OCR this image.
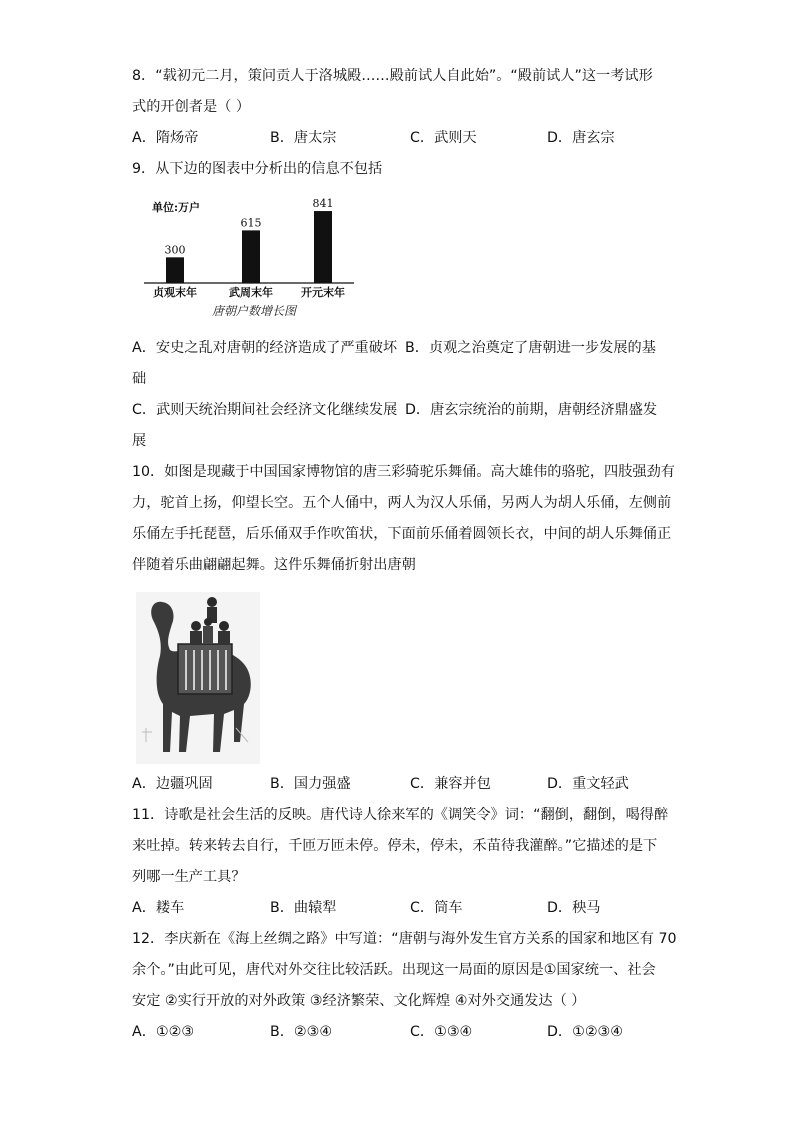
8．“载初元二月，策问贡人于洛城殿……殿前试人自此始”。“殿前试人”这一考试形
式的开创者是（ ）
A．隋炀帝	B．唐太宗	C．武则天	D．唐玄宗
9．从下边的图表中分析出的信息不包括
单位:万户
300
贞观末年
615
武周末年
841
开元末年
唐朝户数增长图
A．安史之乱对唐朝的经济造成了严重破坏 B．贞观之治奠定了唐朝进一步发展的基
础
C．武则天统治期间社会经济文化继续发展 D．唐玄宗统治的前期，唐朝经济鼎盛发
展
10．如图是现藏于中国国家博物馆的唐三彩骑驼乐舞俑。高大雄伟的骆驼，四肢强劲有
力，驼首上扬，仰望长空。五个人俑中，两人为汉人乐俑，另两人为胡人乐俑，左侧前
乐俑左手托琵琶，后乐俑双手作吹笛状，下面前乐俑着圆领长衣，中间的胡人乐舞俑正
伴随着乐曲翩翩起舞。这件乐舞俑折射出唐朝
A．边疆巩固	B．国力强盛	C．兼容并包	D．重文轻武
11．诗歌是社会生活的反映。唐代诗人徐来军的《调笑令》词：“翻倒，翻倒，喝得醉
来吐掉。转来转去自行，千匝万匝未停。停未，停未，禾苗待我灌醉。”它描述的是下
列哪一生产工具？
A．耧车	B．曲辕犁	C．筒车	D．秧马
12．李庆新在《海上丝绸之路》中写道：“唐朝与海外发生官方关系的国家和地区有 70
余个。”由此可见，唐代对外交往比较活跃。出现这一局面的原因是①国家统一、社会
安定 ②实行开放的对外政策 ③经济繁荣、文化辉煌 ④对外交通发达（ ）
A．①②③	B．②③④	C．①③④	D．①②③④
